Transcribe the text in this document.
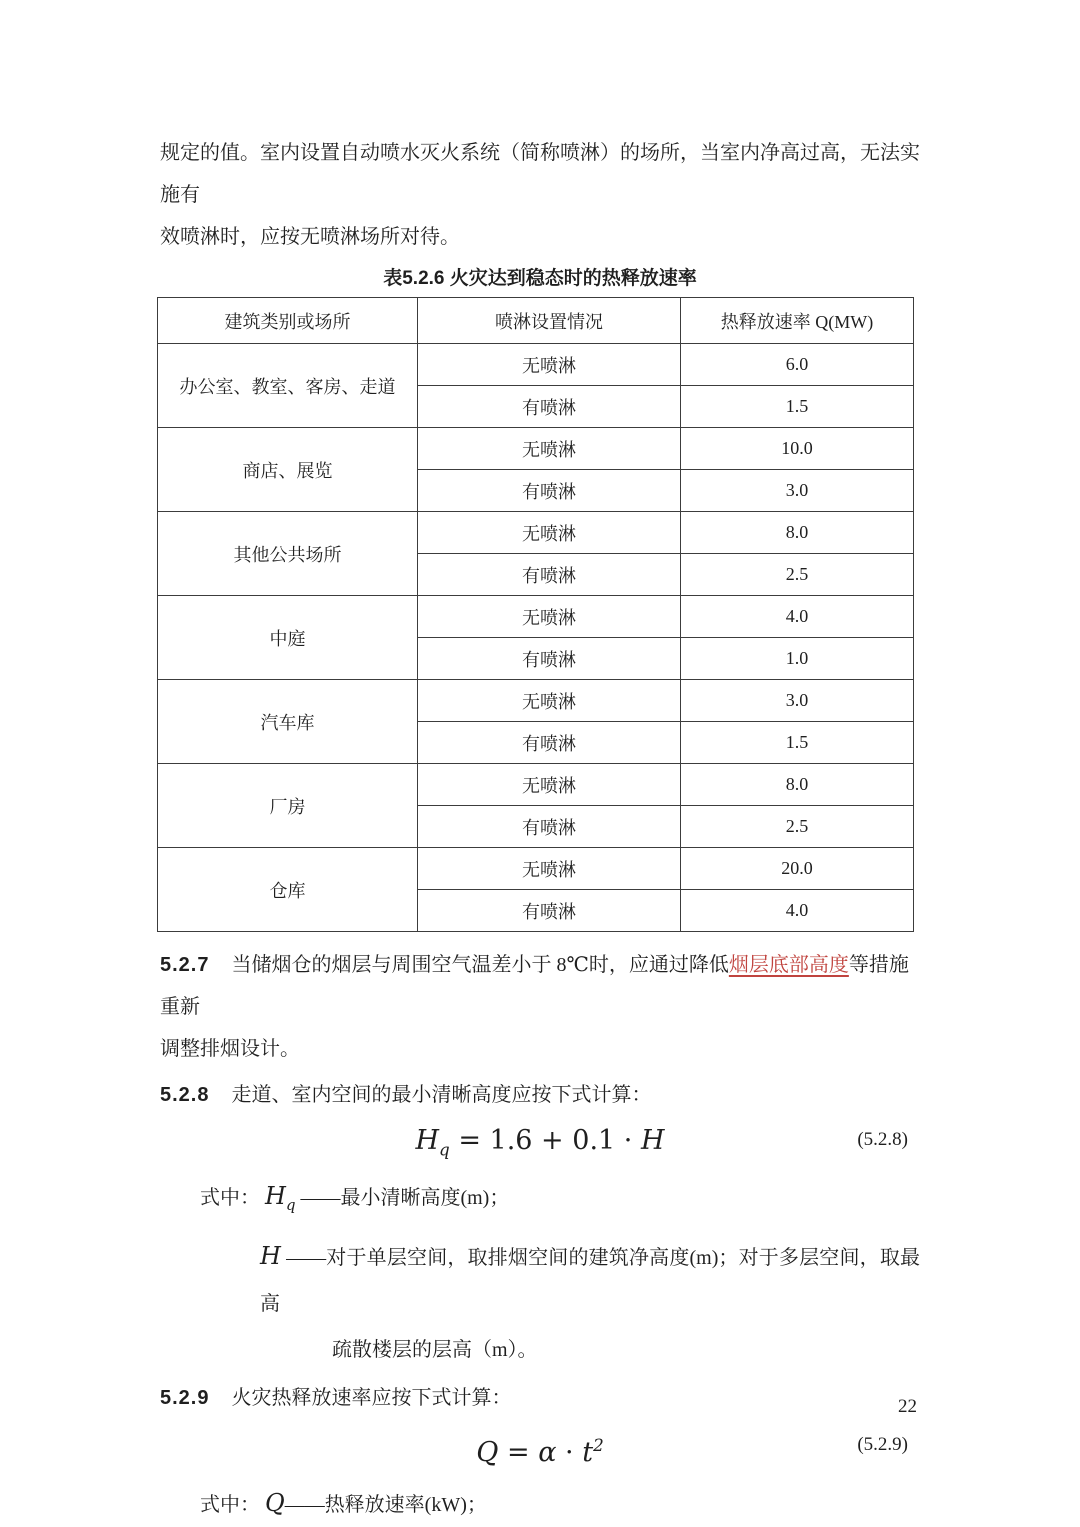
规定的值。室内设置自动喷水灭火系统（简称喷淋）的场所，当室内净高过高，无法实施有
效喷淋时，应按无喷淋场所对待。
表5.2.6 火灾达到稳态时的热释放速率
建筑类别或场所	喷淋设置情况	热释放速率 Q(MW)
办公室、教室、客房、走道	无喷淋	6.0
	有喷淋	1.5
商店、展览	无喷淋	10.0
	有喷淋	3.0
其他公共场所	无喷淋	8.0
	有喷淋	2.5
中庭	无喷淋	4.0
	有喷淋	1.0
汽车库	无喷淋	3.0
	有喷淋	1.5
厂房	无喷淋	8.0
	有喷淋	2.5
仓库	无喷淋	20.0
	有喷淋	4.0
5.2.7 当储烟仓的烟层与周围空气温差小于 8℃时，应通过降低烟层底部高度等措施重新
调整排烟设计。
5.2.8 走道、室内空间的最小清晰高度应按下式计算：
$H_q = 1.6 + 0.1 \cdot H$	(5.2.8)
式中： $H_q$ ——最小清晰高度(m)；
H ——对于单层空间，取排烟空间的建筑净高度(m)；对于多层空间，取最高
疏散楼层的层高（m）。
5.2.9 火灾热释放速率应按下式计算：
$Q = \alpha \cdot t^2$	(5.2.9)
式中： Q——热释放速率(kW)；
22
